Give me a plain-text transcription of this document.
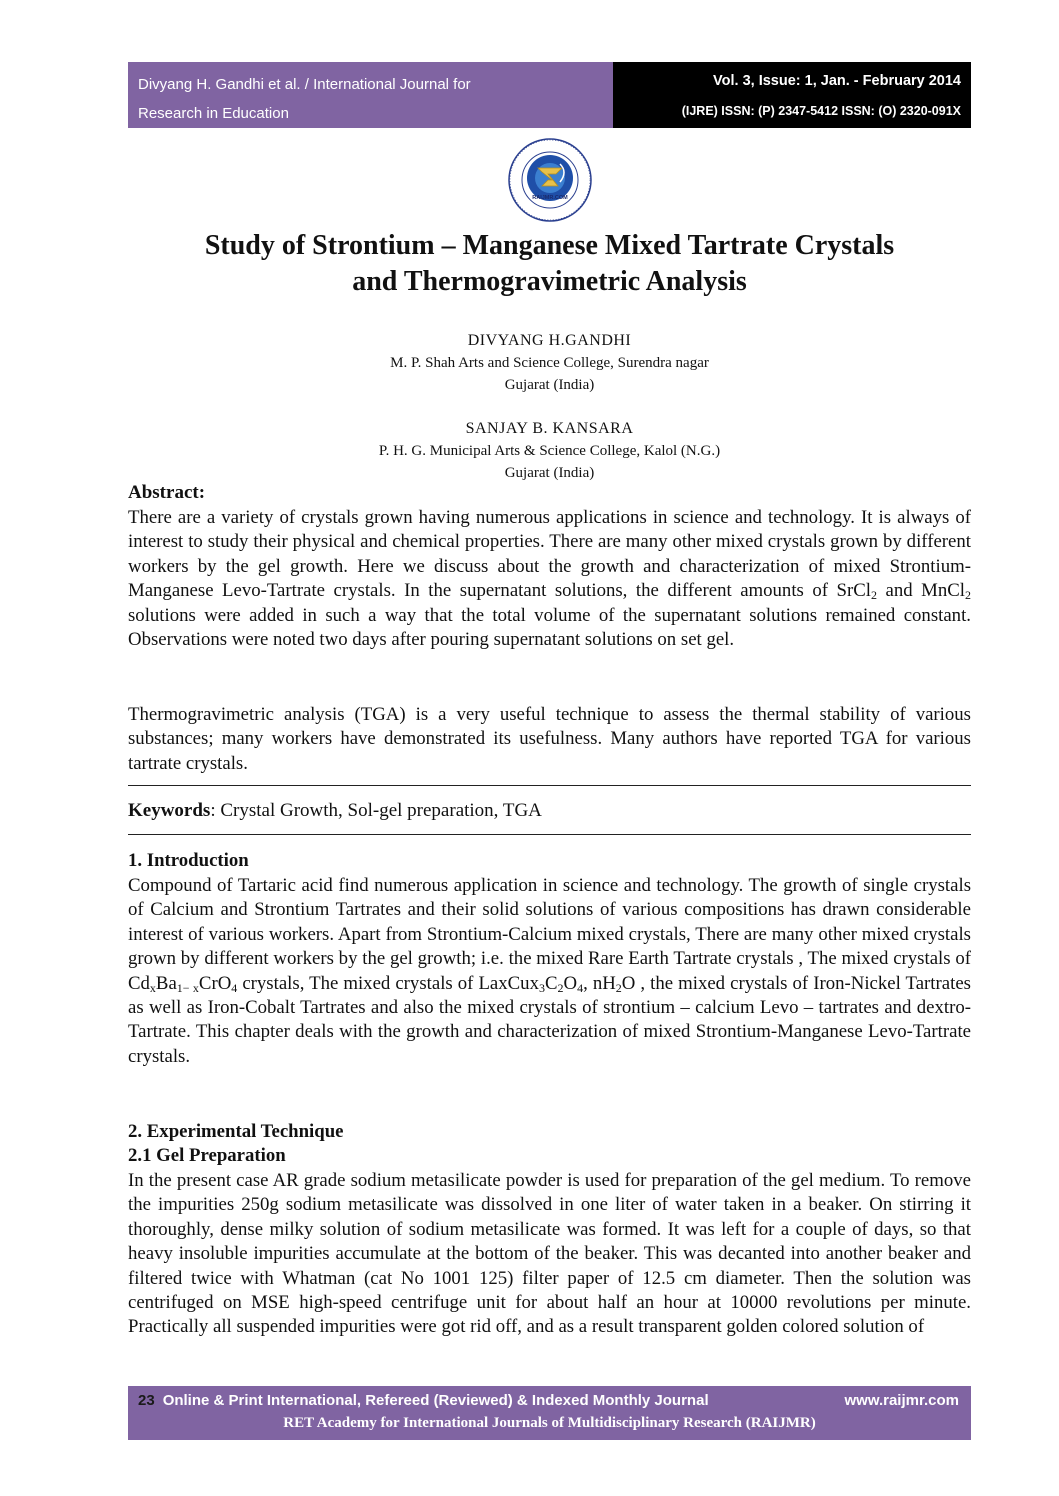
Divyang H. Gandhi et al. / International Journal for
Research in Education
Vol. 3, Issue: 1, Jan. - February 2014
(IJRE) ISSN: (P) 2347-5412 ISSN: (O) 2320-091X
RAIJMR.COM
Study of Strontium – Manganese Mixed Tartrate Crystals
and Thermogravimetric Analysis
DIVYANG H.GANDHI
M. P. Shah Arts and Science College, Surendra nagar
Gujarat (India)
SANJAY B. KANSARA
P. H. G. Municipal Arts & Science College, Kalol (N.G.)
Gujarat (India)
Abstract:
There are a variety of crystals grown having numerous applications in science and technology. It is always of interest to study their physical and chemical properties. There are many other mixed crystals grown by different workers by the gel growth. Here we discuss about the growth and characterization of mixed Strontium-Manganese Levo-Tartrate crystals. In the supernatant solutions, the different amounts of SrCl$_2$ and MnCl$_2$ solutions were added in such a way that the total volume of the supernatant solutions remained constant. Observations were noted two days after pouring supernatant solutions on set gel.
Thermogravimetric analysis (TGA) is a very useful technique to assess the thermal stability of various substances; many workers have demonstrated its usefulness. Many authors have reported TGA for various tartrate crystals.
Keywords: Crystal Growth, Sol-gel preparation, TGA
1. Introduction
Compound of Tartaric acid find numerous application in science and technology. The growth of single crystals of Calcium and Strontium Tartrates and their solid solutions of various compositions has drawn considerable interest of various workers. Apart from Strontium-Calcium mixed crystals, There are many other mixed crystals grown by different workers by the gel growth; i.e. the mixed Rare Earth Tartrate crystals , The mixed crystals of $Cd_xBa_{1- x}CrO_4$ crystals, The mixed crystals of $LaxCux_3C_2O_4$, $nH_2O$ , the mixed crystals of Iron-Nickel Tartrates as well as Iron-Cobalt Tartrates and also the mixed crystals of strontium – calcium Levo – tartrates and dextro-Tartrate. This chapter deals with the growth and characterization of mixed Strontium-Manganese Levo-Tartrate crystals.
2. Experimental Technique
2.1 Gel Preparation
In the present case AR grade sodium metasilicate powder is used for preparation of the gel medium. To remove the impurities 250g sodium metasilicate was dissolved in one liter of water taken in a beaker. On stirring it thoroughly, dense milky solution of sodium metasilicate was formed. It was left for a couple of days, so that heavy insoluble impurities accumulate at the bottom of the beaker. This was decanted into another beaker and filtered twice with Whatman (cat No 1001 125) filter paper of 12.5 cm diameter. Then the solution was centrifuged on MSE high-speed centrifuge unit for about half an hour at 10000 revolutions per minute. Practically all suspended impurities were got rid off, and as a result transparent golden colored solution of
23 Online & Print International, Refereed (Reviewed) & Indexed Monthly Journal	www.raijmr.com
RET Academy for International Journals of Multidisciplinary Research (RAIJMR)
